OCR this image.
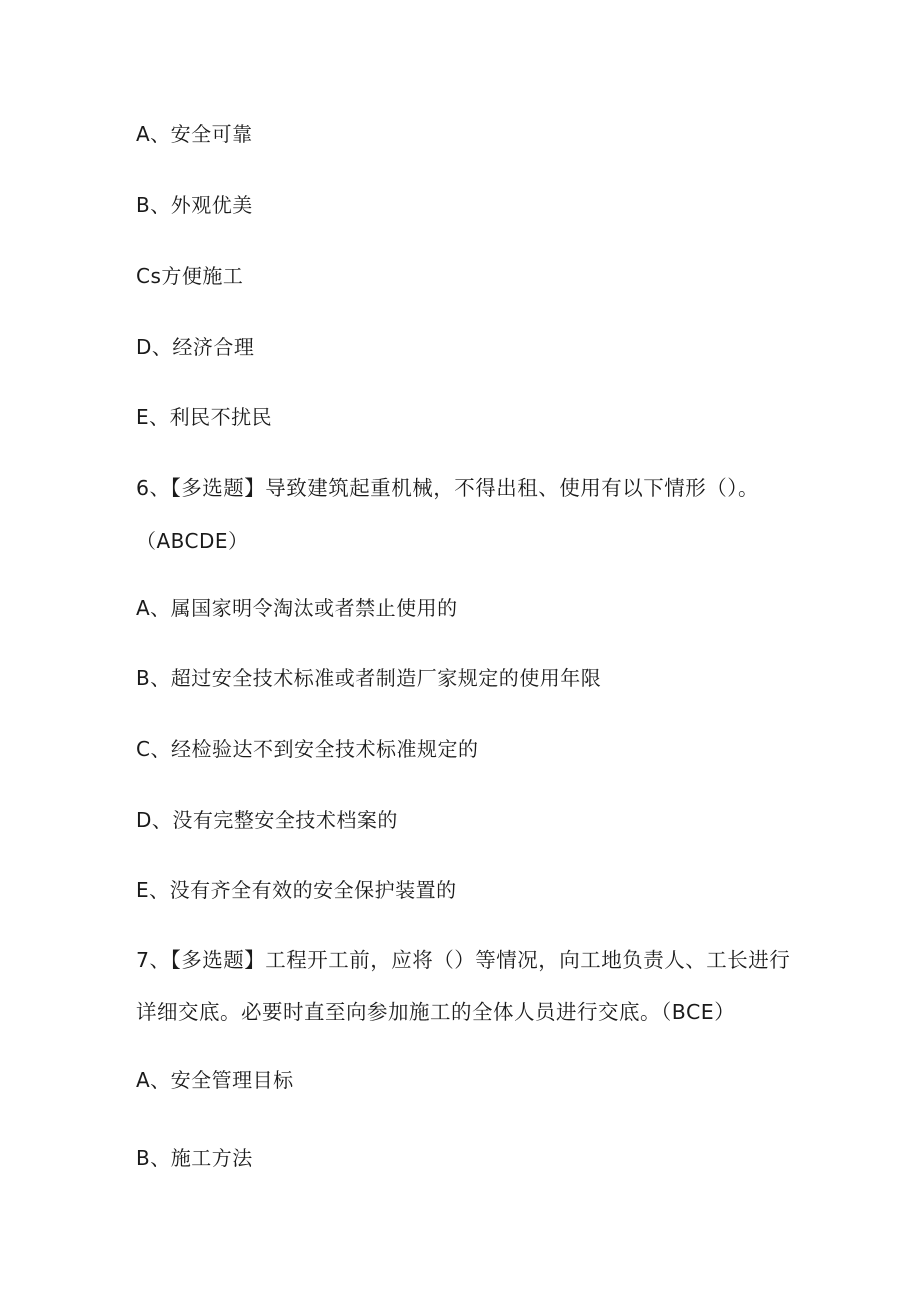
A、安全可靠
B、外观优美
Cs方便施工
D、经济合理
E、利民不扰民
6、【多选题】导致建筑起重机械，不得出租、使用有以下情形（）。
（ABCDE）
A、属国家明令淘汰或者禁止使用的
B、超过安全技术标准或者制造厂家规定的使用年限
C、经检验达不到安全技术标准规定的
D、没有完整安全技术档案的
E、没有齐全有效的安全保护装置的
7、【多选题】工程开工前，应将（）等情况，向工地负责人、工长进行
详细交底。必要时直至向参加施工的全体人员进行交底。（BCE）
A、安全管理目标
B、施工方法
